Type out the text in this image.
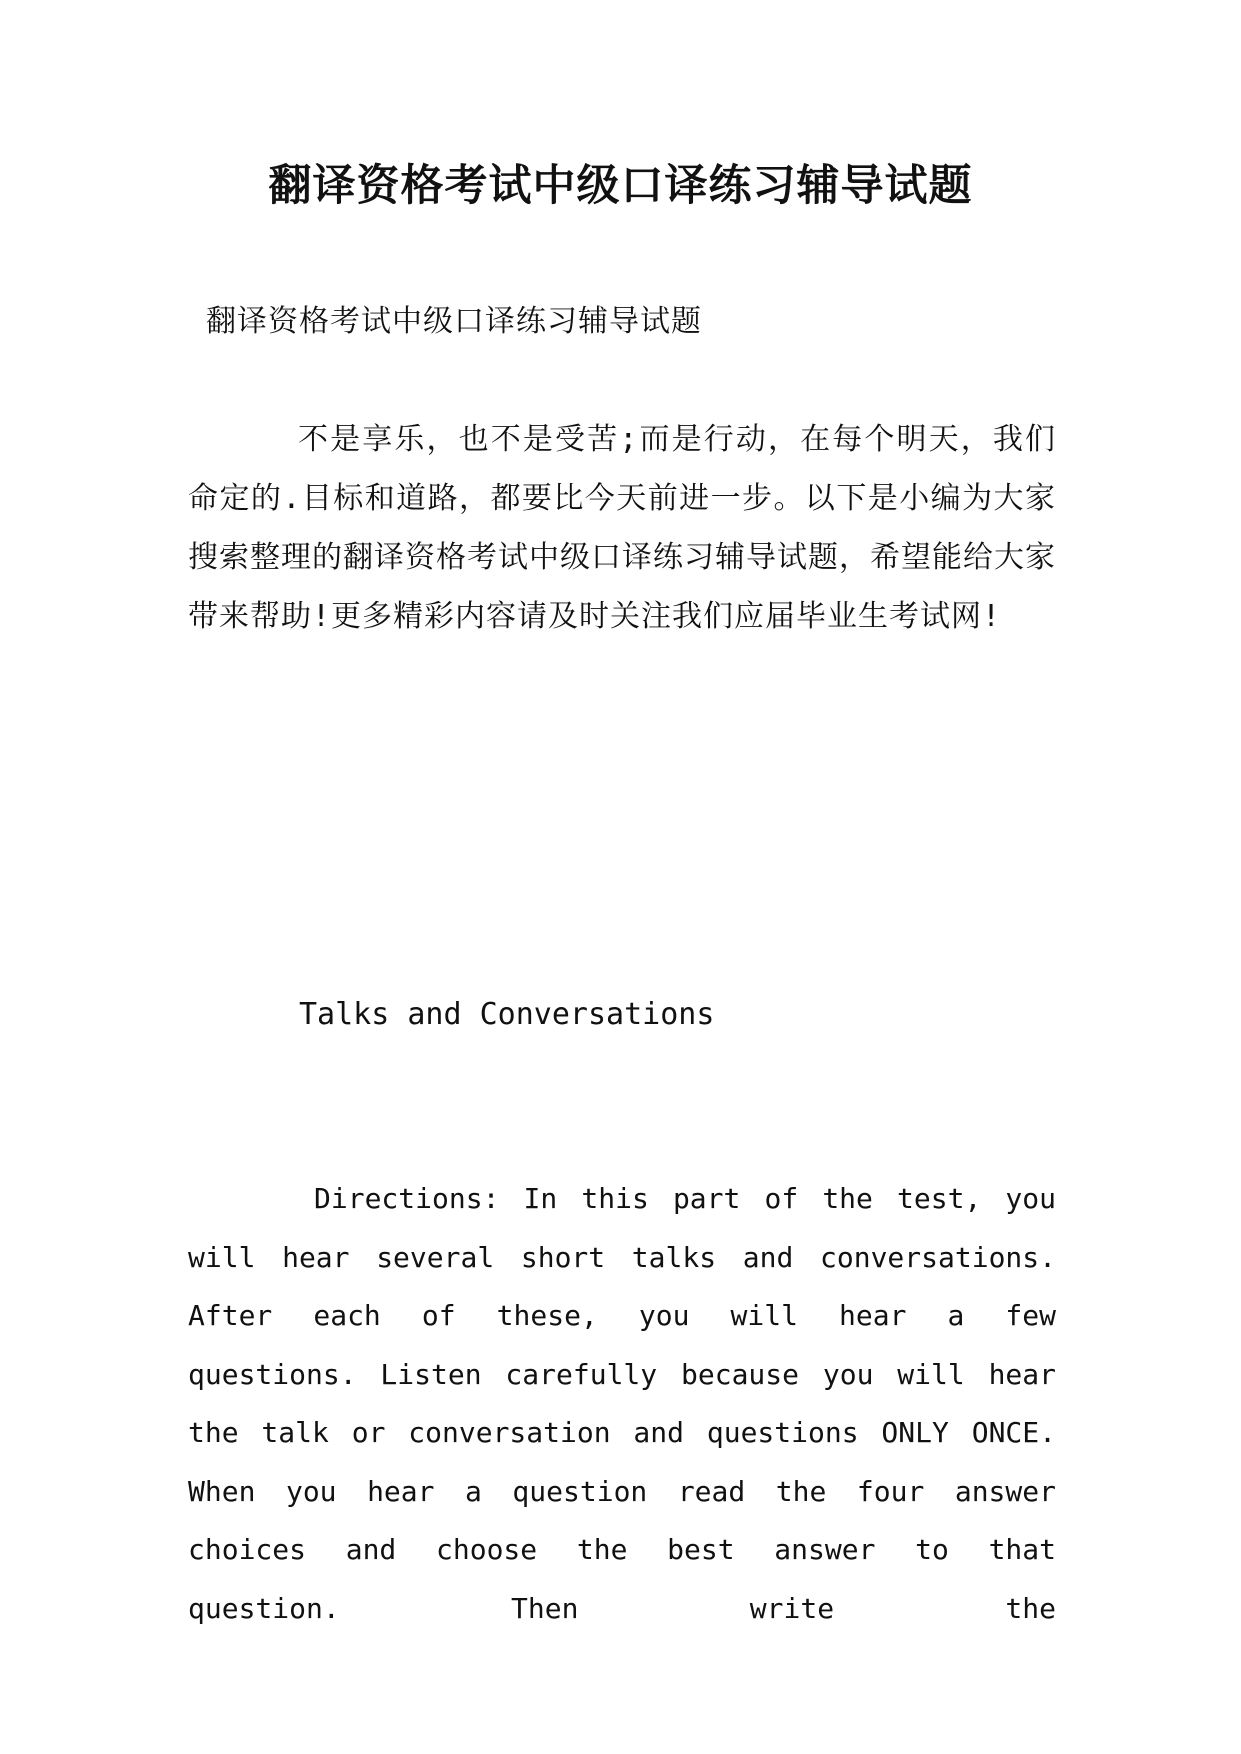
翻译资格考试中级口译练习辅导试题

翻译资格考试中级口译练习辅导试题

不是享乐，也不是受苦;而是行动，在每个明天，我们命定的.目标和道路，都要比今天前进一步。以下是小编为大家搜索整理的翻译资格考试中级口译练习辅导试题，希望能给大家带来帮助!更多精彩内容请及时关注我们应届毕业生考试网!

Talks and Conversations

Directions: In this part of the test, you will hear several short talks and conversations. After each of these, you will hear a few questions. Listen carefully because you will hear the talk or conversation and questions ONLY ONCE. When you hear a question read the four answer choices and choose the best answer to that question. Then write the
